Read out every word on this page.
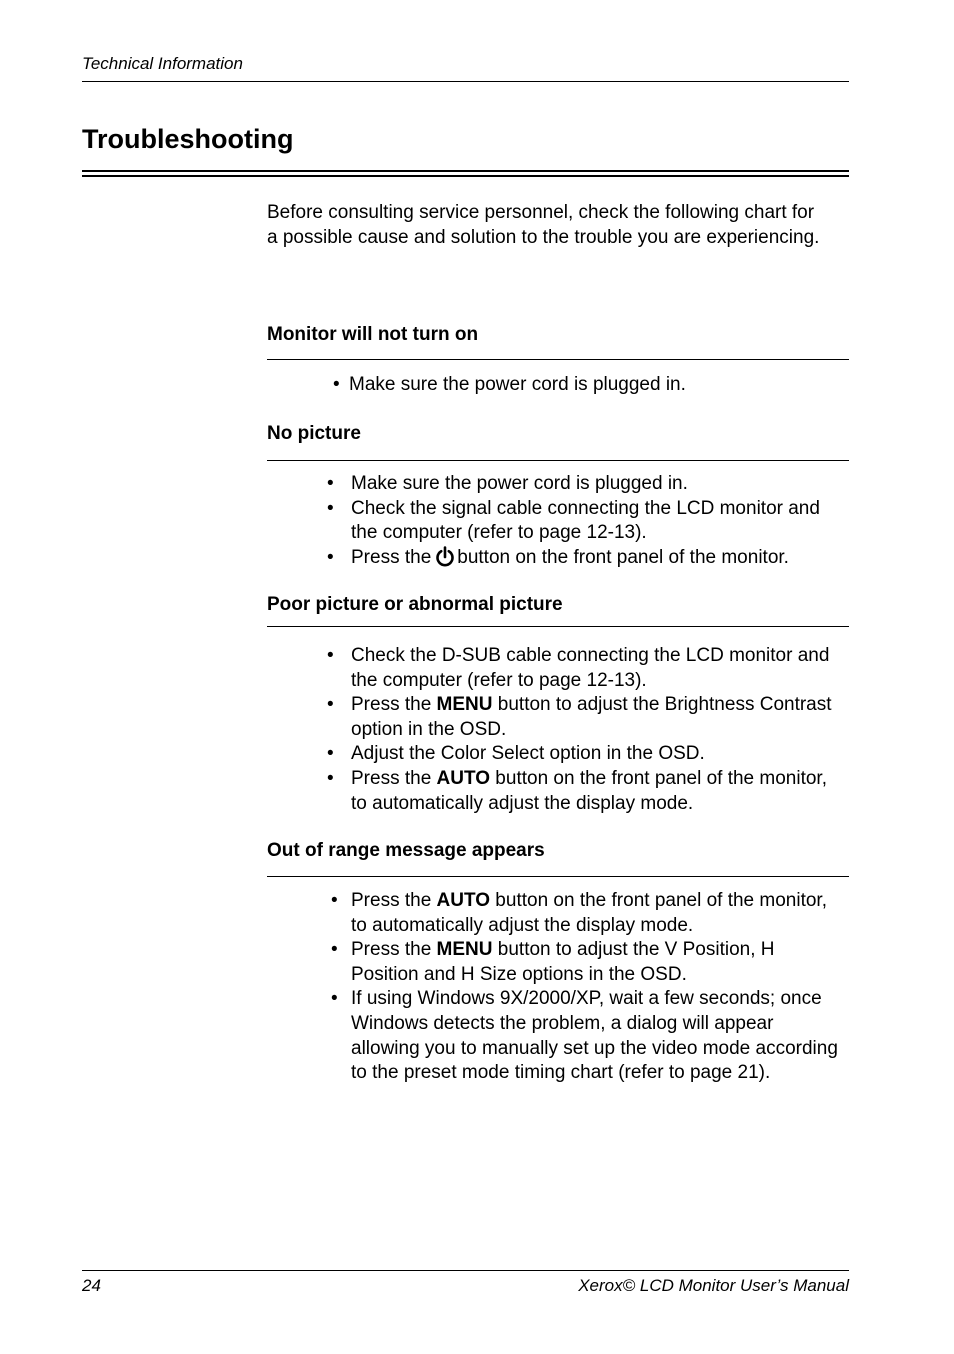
Technical Information
Troubleshooting

Before consulting service personnel, check the following chart for a possible cause and solution to the trouble you are experiencing.

Monitor will not turn on
• Make sure the power cord is plugged in.
No picture
• Make sure the power cord is plugged in.
• Check the signal cable connecting the LCD monitor and the computer (refer to page 12-13).
• Press the button on the front panel of the monitor.
Poor picture or abnormal picture
• Check the D-SUB cable connecting the LCD monitor and the computer (refer to page 12-13).
• Press the MENU button to adjust the Brightness Contrast option in the OSD.
• Adjust the Color Select option in the OSD.
• Press the AUTO button on the front panel of the monitor, to automatically adjust the display mode.
Out of range message appears
• Press the AUTO button on the front panel of the monitor, to automatically adjust the display mode.
• Press the MENU button to adjust the V Position, H Position and H Size options in the OSD.
• If using Windows 9X/2000/XP, wait a few seconds; once Windows detects the problem, a dialog will appear allowing you to manually set up the video mode according to the preset mode timing chart (refer to page 21).
24	Xerox© LCD Monitor User’s Manual
